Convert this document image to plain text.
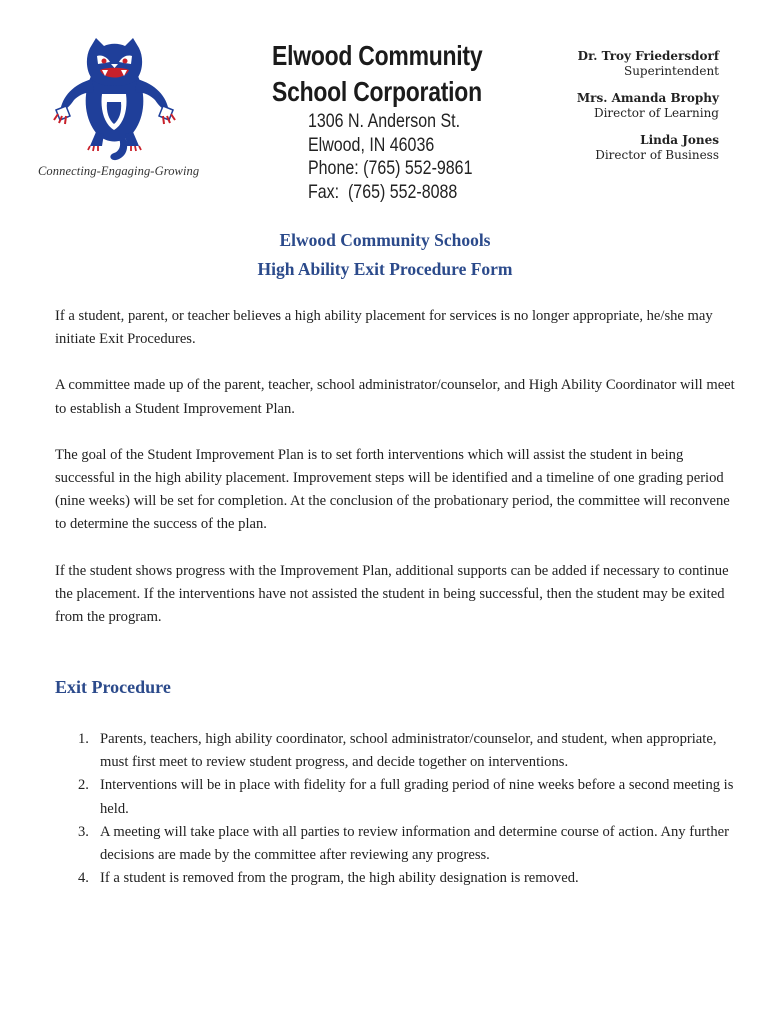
Connecting-Engaging-Growing
Elwood Community
School Corporation
1306 N. Anderson St.
Elwood, IN 46036
Phone: (765) 552-9861
Fax:  (765) 552-8088
Dr. Troy Friedersdorf
Superintendent
Mrs. Amanda Brophy
Director of Learning
Linda Jones
Director of Business
Elwood Community Schools
High Ability Exit Procedure Form

If a student, parent, or teacher believes a high ability placement for services is no longer appropriate, he/she may initiate Exit Procedures.

A committee made up of the parent, teacher, school administrator/counselor, and High Ability Coordinator will meet to establish a Student Improvement Plan.

The goal of the Student Improvement Plan is to set forth interventions which will assist the student in being successful in the high ability placement. Improvement steps will be identified and a timeline of one grading period (nine weeks) will be set for completion. At the conclusion of the probationary period, the committee will reconvene to determine the success of the plan.

If the student shows progress with the Improvement Plan, additional supports can be added if necessary to continue the placement. If the interventions have not assisted the student in being successful, then the student may be exited from the program.

Exit Procedure
1. Parents, teachers, high ability coordinator, school administrator/counselor, and student, when appropriate, must first meet to review student progress, and decide together on interventions.
2. Interventions will be in place with fidelity for a full grading period of nine weeks before a second meeting is held.
3. A meeting will take place with all parties to review information and determine course of action. Any further decisions are made by the committee after reviewing any progress.
4. If a student is removed from the program, the high ability designation is removed.
